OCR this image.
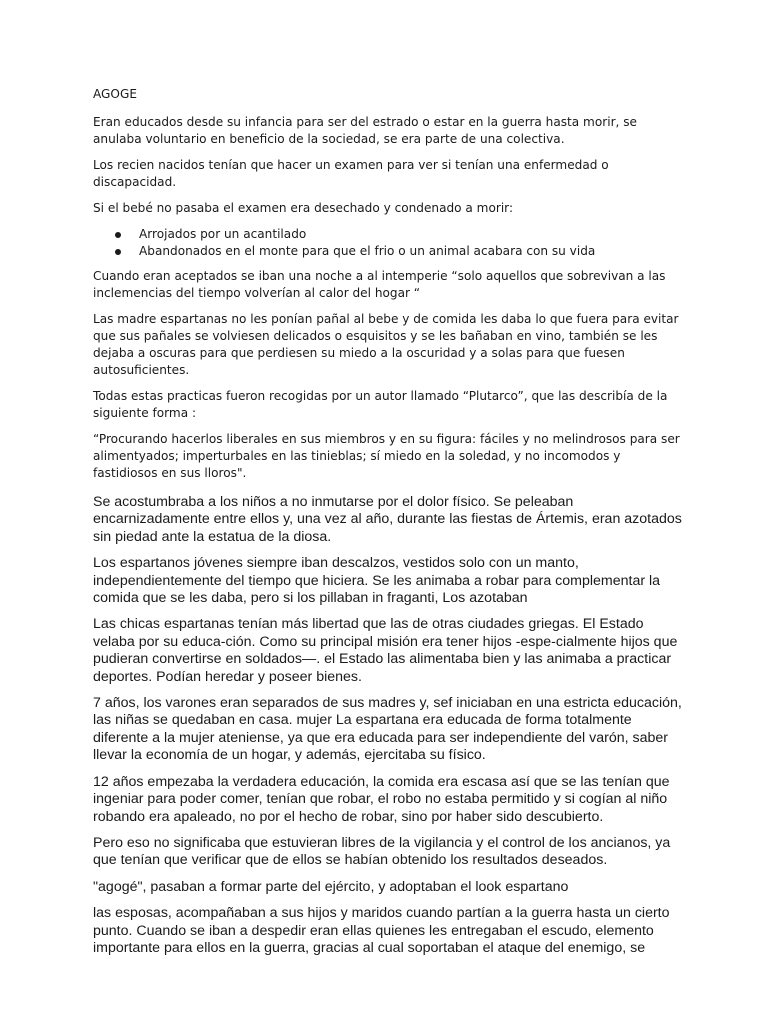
AGOGE

Eran educados desde su infancia para ser del estrado o estar en la guerra hasta morir, se anulaba voluntario en beneficio de la sociedad, se era parte de una colectiva.

Los recien nacidos tenían que hacer un examen para ver si tenían una enfermedad o discapacidad.

Si el bebé no pasaba el examen era desechado y condenado a morir:

Arrojados por un acantilado
Abandonados en el monte para que el frio o un animal acabara con su vida

Cuando eran aceptados se iban una noche a al intemperie “solo aquellos que sobrevivan a las inclemencias del tiempo volverían al calor del hogar “

Las madre espartanas no les ponían pañal al bebe y de comida les daba lo que fuera para evitar que sus pañales se volviesen delicados o esquisitos y se les bañaban en vino, también se les dejaba a oscuras para que perdiesen su miedo a la oscuridad y a solas para que fuesen autosuficientes.

Todas estas practicas fueron recogidas por un autor llamado “Plutarco”, que las describía de la siguiente forma :

“Procurando hacerlos liberales en sus miembros y en su figura: fáciles y no melindrosos para ser alimentyados; imperturbales en las tinieblas; sí miedo en la soledad, y no incomodos y fastidiosos en sus lloros".

Se acostumbraba a los niños a no inmutarse por el dolor físico. Se peleaban encarnizadamente entre ellos y, una vez al año, durante las fiestas de Ártemis, eran azotados sin piedad ante la estatua de la diosa.

Los espartanos jóvenes siempre iban descalzos, vestidos solo con un manto, independientemente del tiempo que hiciera. Se les animaba a robar para complementar la comida que se les daba, pero si los pillaban in fraganti, Los azotaban

Las chicas espartanas tenían más libertad que las de otras ciudades griegas. El Estado velaba por su educa-ción. Como su principal misión era tener hijos -espe-cialmente hijos que pudieran convertirse en soldados—. el Estado las alimentaba bien y las animaba a practicar deportes. Podían heredar y poseer bienes.

7 años, los varones eran separados de sus madres y, sef iniciaban en una estricta educación, las niñas se quedaban en casa. mujer La espartana era educada de forma totalmente diferente a la mujer ateniense, ya que era educada para ser independiente del varón, saber llevar la economía de un hogar, y además, ejercitaba su físico.

12 años empezaba la verdadera educación, la comida era escasa así que se las tenían que ingeniar para poder comer, tenían que robar, el robo no estaba permitido y si cogían al niño robando era apaleado, no por el hecho de robar, sino por haber sido descubierto.

Pero eso no significaba que estuvieran libres de la vigilancia y el control de los ancianos, ya que tenían que verificar que de ellos se habían obtenido los resultados deseados.

"agogé", pasaban a formar parte del ejército, y adoptaban el look espartano

las esposas, acompañaban a sus hijos y maridos cuando partían a la guerra hasta un cierto punto. Cuando se iban a despedir eran ellas quienes les entregaban el escudo, elemento importante para ellos en la guerra, gracias al cual soportaban el ataque del enemigo, se
